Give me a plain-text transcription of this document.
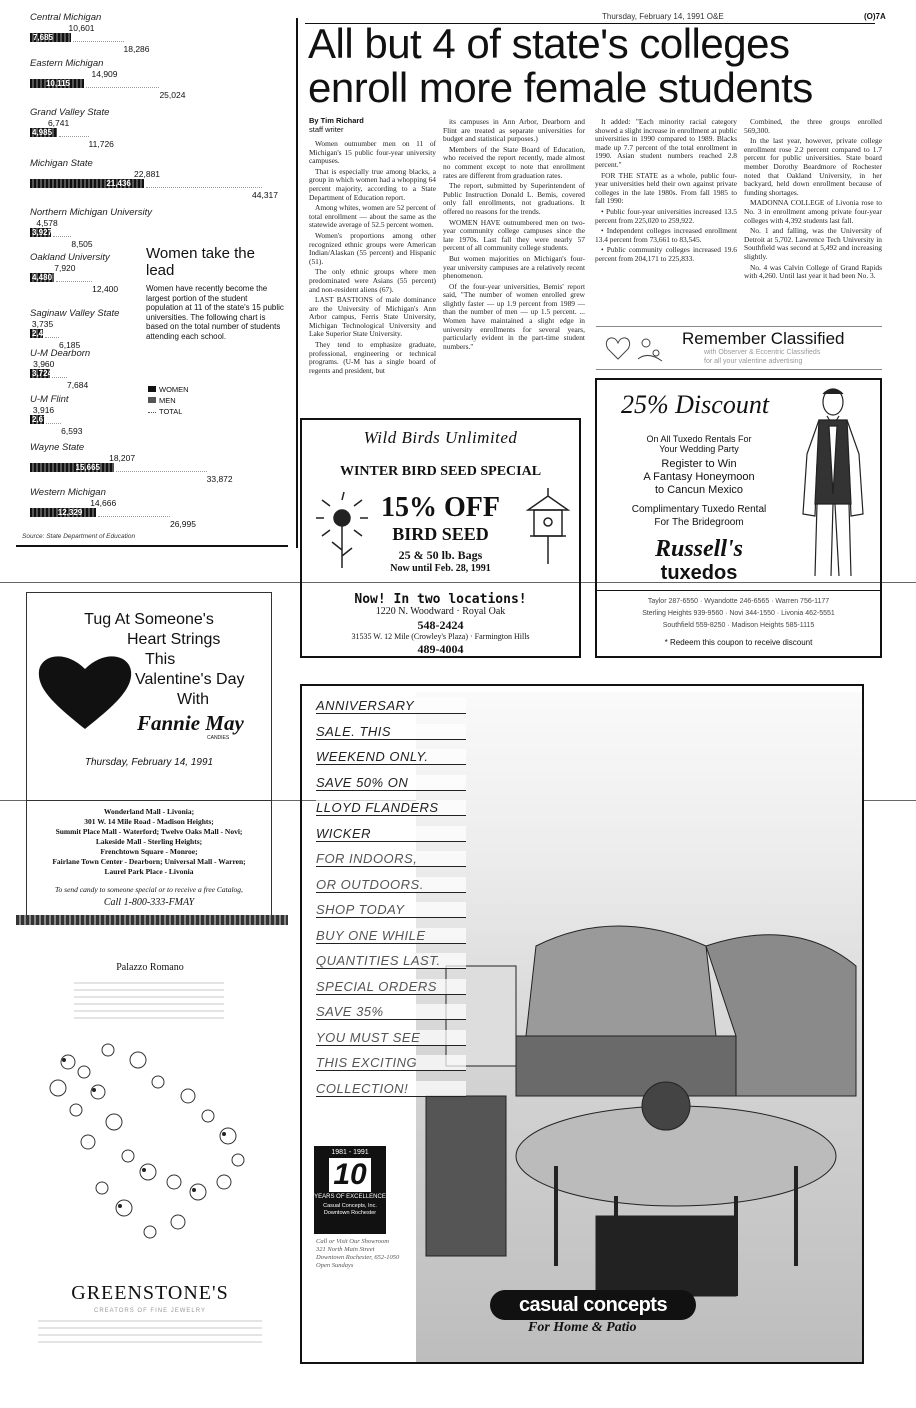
Thursday, February 14, 1991 O&E	(O)7A
All but 4 of state's colleges
enroll more female students
By Tim Richard
staff writer

Women outnumber men on 11 of Michigan's 15 public four-year university campuses.

That is especially true among blacks, a group in which women had a whopping 64 percent majority, according to a State Department of Education report.

Among whites, women are 52 percent of total enrollment — about the same as the statewide average of 52.5 percent women.

Women's proportions among other recognized ethnic groups were American Indian/Alaskan (55 percent) and Hispanic (51).

The only ethnic groups where men predominated were Asians (55 percent) and non-resident aliens (67).

LAST BASTIONS of male dominance are the University of Michigan's Ann Arbor campus, Ferris State University, Michigan Technological University and Lake Superior State University.

They tend to emphasize graduate, professional, engineering or technical programs. (U-M has a single board of regents and president, but

its campuses in Ann Arbor, Dearborn and Flint are treated as separate universities for budget and statistical purposes.)

Members of the State Board of Education, who received the report recently, made almost no comment except to note that enrollment rates are different from graduation rates.

The report, submitted by Superintendent of Public Instruction Donald L. Bemis, covered only fall enrollments, not graduations. It offered no reasons for the trends.

WOMEN HAVE outnumbered men on two-year community college campuses since the late 1970s. Last fall they were nearly 57 percent of all community college students.

But women majorities on Michigan's four-year university campuses are a relatively recent phenomenon.

Of the four-year universities, Bemis' report said, "The number of women enrolled grew slightly faster — up 1.9 percent from 1989 — than the number of men — up 1.5 percent. ... Women have maintained a slight edge in university enrollments for several years, particularly evident in the part-time student numbers."

It added: "Each minority racial category showed a slight increase in enrollment at public universities in 1990 compared to 1989. Blacks made up 7.7 percent of the total enrollment in 1990. Asian student numbers reached 2.8 percent."

FOR THE STATE as a whole, public four-year universities held their own against private colleges in the late 1980s. From fall 1985 to fall 1990:

• Public four-year universities increased 13.5 percent from 225,020 to 259,922.

• Independent colleges increased enrollment 13.4 percent from 73,661 to 83,545.

• Public community colleges increased 19.6 percent from 204,171 to 225,833.

Combined, the three groups enrolled 569,300.

In the last year, however, private college enrollment rose 2.2 percent compared to 1.7 percent for public universities. State board member Dorothy Beardmore of Rochester noted that Oakland University, in her backyard, held down enrollment because of funding shortages.

MADONNA COLLEGE of Livonia rose to No. 3 in enrollment among private four-year colleges with 4,392 students last fall.

No. 1 and falling, was the University of Detroit at 5,702. Lawrence Tech University in Southfield was second at 5,492 and increasing slightly.

No. 4 was Calvin College of Grand Rapids with 4,260. Until last year it had been No. 3.

Central Michigan
10,601
7,685
18,286
Eastern Michigan
14,909
10,115
25,024
Grand Valley State
6,741
4,985
11,726
Michigan State
22,881
21,436
44,317
Northern Michigan University
4,578
3,927
8,505
Oakland University
7,920
4,480
12,400
Saginaw Valley State
3,735
2,450
6,185
U-M Dearborn
3,960
3,724
7,684
U-M Flint
3,916
2,677
6,593
Wayne State
18,207
15,665
33,872
Western Michigan
14,666
12,329
26,995
Women take the lead
Women have recently become the largest portion of the student population at 11 of the state's 15 public universities. The following chart is based on the total number of students attending each school.
WOMEN
MEN
TOTAL
Source: State Department of Education
Wild Birds Unlimited
WINTER BIRD SEED SPECIAL
15% OFF
BIRD SEED
25 & 50 lb. Bags
Now until Feb. 28, 1991
Now! In two locations!
1220 N. Woodward · Royal Oak
548-2424
31535 W. 12 Mile (Crowley's Plaza) · Farmington Hills
489-4004
Remember Classified
with Observer & Eccentric Classifieds
for all your valentine advertising
25% Discount
On All Tuxedo Rentals For
Your Wedding Party
Register to Win
A Fantasy Honeymoon
to Cancun Mexico
Complimentary Tuxedo Rental
For The Bridegroom
Russell's
tuxedos
Taylor 287-6550 · Wyandotte 246-6565 · Warren 756-1177
Sterling Heights 939-9560 · Novi 344-1550 · Livonia 462-5551
Southfield 559-8250 · Madison Heights 585-1115
* Redeem this coupon to receive discount
Tug At Someone's
Heart Strings
This
Valentine's Day
With
Fannie May
CANDIES
Thursday, February 14, 1991
Wonderland Mall - Livonia;
301 W. 14 Mile Road - Madison Heights;
Summit Place Mall - Waterford; Twelve Oaks Mall - Novi;
Lakeside Mall - Sterling Heights;
Frenchtown Square - Monroe;
Fairlane Town Center - Dearborn; Universal Mall - Warren;
Laurel Park Place - Livonia
To send candy to someone special or to receive a free Catalog,
Call 1-800-333-FMAY
Palazzo Romano
GREENSTONE'S
CREATORS OF FINE JEWELRY
ANNIVERSARY
SALE. THIS
WEEKEND ONLY.
SAVE 50% ON
LLOYD FLANDERS
WICKER
FOR INDOORS,
OR OUTDOORS.
SHOP TODAY
BUY ONE WHILE
QUANTITIES LAST.
SPECIAL ORDERS
SAVE 35%
YOU MUST SEE
THIS EXCITING
COLLECTION!
1981 - 1991
10
YEARS OF EXCELLENCE
Casual Concepts, Inc. Downtown Rochester
Call or Visit Our Showroom
321 North Main Street
Downtown Rochester, 652-1050
Open Sundays
casual concepts
For Home & Patio
